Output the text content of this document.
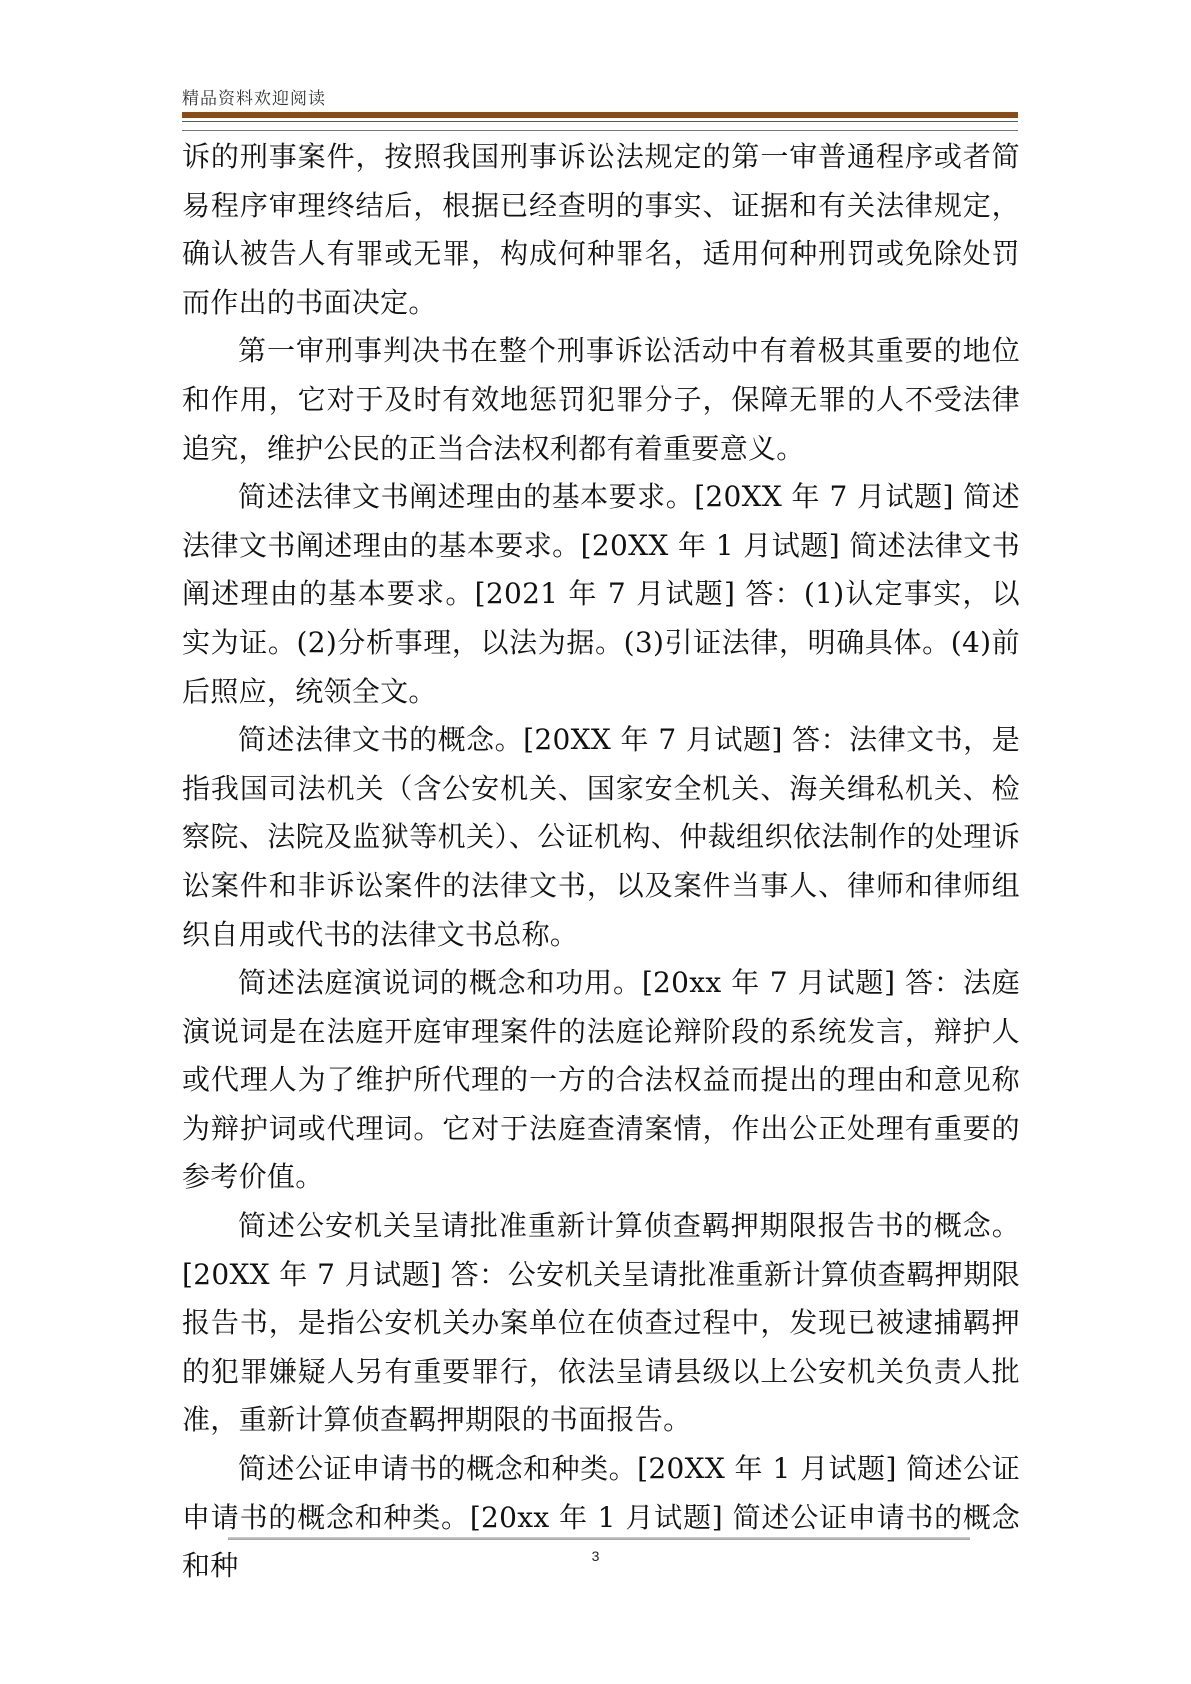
精品资料欢迎阅读

诉的刑事案件，按照我国刑事诉讼法规定的第一审普通程序或者简易程序审理终结后，根据已经查明的事实、证据和有关法律规定，确认被告人有罪或无罪，构成何种罪名，适用何种刑罚或免除处罚而作出的书面决定。

第一审刑事判决书在整个刑事诉讼活动中有着极其重要的地位和作用，它对于及时有效地惩罚犯罪分子，保障无罪的人不受法律追究，维护公民的正当合法权利都有着重要意义。

简述法律文书阐述理由的基本要求。[20XX 年 7 月试题] 简述法律文书阐述理由的基本要求。[20XX 年 1 月试题] 简述法律文书阐述理由的基本要求。[2021 年 7 月试题] 答：(1)认定事实，以实为证。(2)分析事理，以法为据。(3)引证法律，明确具体。(4)前后照应，统领全文。

简述法律文书的概念。[20XX 年 7 月试题] 答：法律文书，是指我国司法机关（含公安机关、国家安全机关、海关缉私机关、检察院、法院及监狱等机关）、公证机构、仲裁组织依法制作的处理诉讼案件和非诉讼案件的法律文书，以及案件当事人、律师和律师组织自用或代书的法律文书总称。

简述法庭演说词的概念和功用。[20xx 年 7 月试题] 答：法庭演说词是在法庭开庭审理案件的法庭论辩阶段的系统发言，辩护人或代理人为了维护所代理的一方的合法权益而提出的理由和意见称为辩护词或代理词。它对于法庭查清案情，作出公正处理有重要的参考价值。

简述公安机关呈请批准重新计算侦查羁押期限报告书的概念。[20XX 年 7 月试题] 答：公安机关呈请批准重新计算侦查羁押期限报告书，是指公安机关办案单位在侦查过程中，发现已被逮捕羁押的犯罪嫌疑人另有重要罪行，依法呈请县级以上公安机关负责人批准，重新计算侦查羁押期限的书面报告。

简述公证申请书的概念和种类。[20XX 年 1 月试题] 简述公证申请书的概念和种类。[20xx 年 1 月试题] 简述公证申请书的概念和种	3
